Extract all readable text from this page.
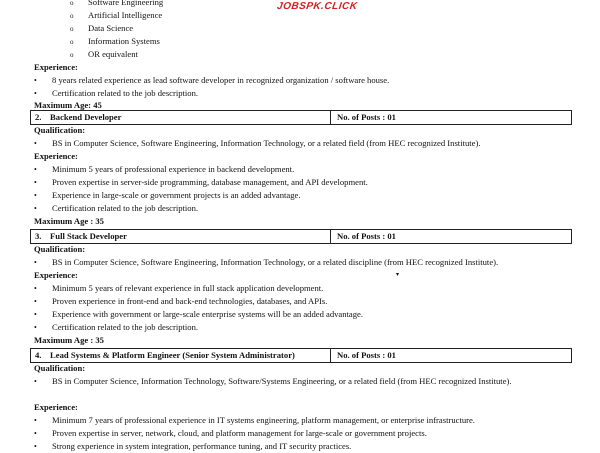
JOBSPK.CLICK
o Software Engineering
o Artificial Intelligence
o Data Science
o Information Systems
o OR equivalent
Experience:
• 8 years related experience as lead software developer in recognized organization / software house.
• Certification related to the job description.
Maximum Age: 45
2. Backend Developer	No. of Posts : 01
Qualification:
• BS in Computer Science, Software Engineering, Information Technology, or a related field (from HEC recognized Institute).
Experience:
• Minimum 5 years of professional experience in backend development.
• Proven expertise in server-side programming, database management, and API development.
• Experience in large-scale or government projects is an added advantage.
• Certification related to the job description.
Maximum Age : 35
3. Full Stack Developer	No. of Posts : 01
Qualification:
• BS in Computer Science, Software Engineering, Information Technology, or a related discipline (from HEC recognized Institute).
▾
Experience:
• Minimum 5 years of relevant experience in full stack application development.
• Proven experience in front-end and back-end technologies, databases, and APIs.
• Experience with government or large-scale enterprise systems will be an added advantage.
• Certification related to the job description.
Maximum Age : 35
4. Lead Systems & Platform Engineer (Senior System Administrator)	No. of Posts : 01
Qualification:
• BS in Computer Science, Information Technology, Software/Systems Engineering, or a related field (from HEC recognized Institute).
Experience:
• Minimum 7 years of professional experience in IT systems engineering, platform management, or enterprise infrastructure.
• Proven expertise in server, network, cloud, and platform management for large-scale or government projects.
• Strong experience in system integration, performance tuning, and IT security practices.
